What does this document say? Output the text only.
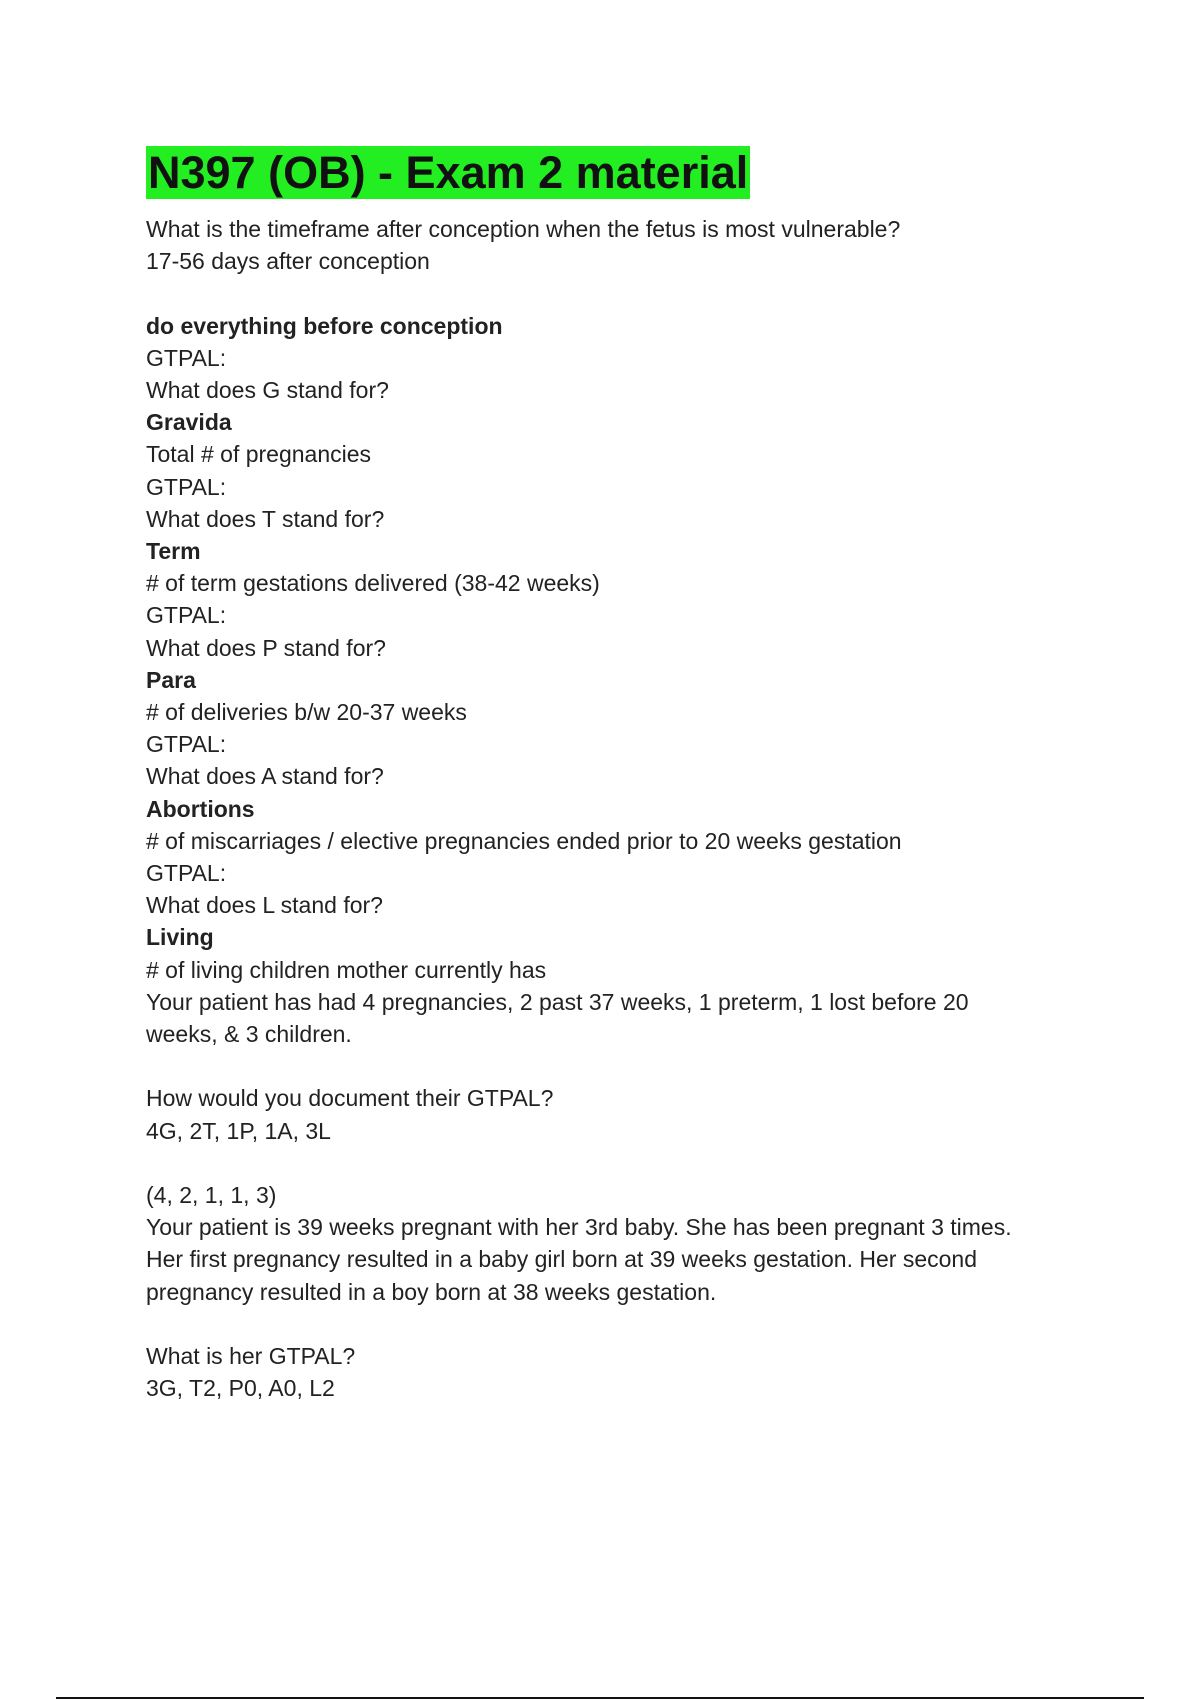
N397 (OB) - Exam 2 material
What is the timeframe after conception when the fetus is most vulnerable?
17-56 days after conception
do everything before conception
GTPAL:
What does G stand for?
Gravida
Total # of pregnancies
GTPAL:
What does T stand for?
Term
# of term gestations delivered (38-42 weeks)
GTPAL:
What does P stand for?
Para
# of deliveries b/w 20-37 weeks
GTPAL:
What does A stand for?
Abortions
# of miscarriages / elective pregnancies ended prior to 20 weeks gestation
GTPAL:
What does L stand for?
Living
# of living children mother currently has
Your patient has had 4 pregnancies, 2 past 37 weeks, 1 preterm, 1 lost before 20
weeks, & 3 children.
How would you document their GTPAL?
4G, 2T, 1P, 1A, 3L
(4, 2, 1, 1, 3)
Your patient is 39 weeks pregnant with her 3rd baby. She has been pregnant 3 times.
Her first pregnancy resulted in a baby girl born at 39 weeks gestation. Her second
pregnancy resulted in a boy born at 38 weeks gestation.
What is her GTPAL?
3G, T2, P0, A0, L2
